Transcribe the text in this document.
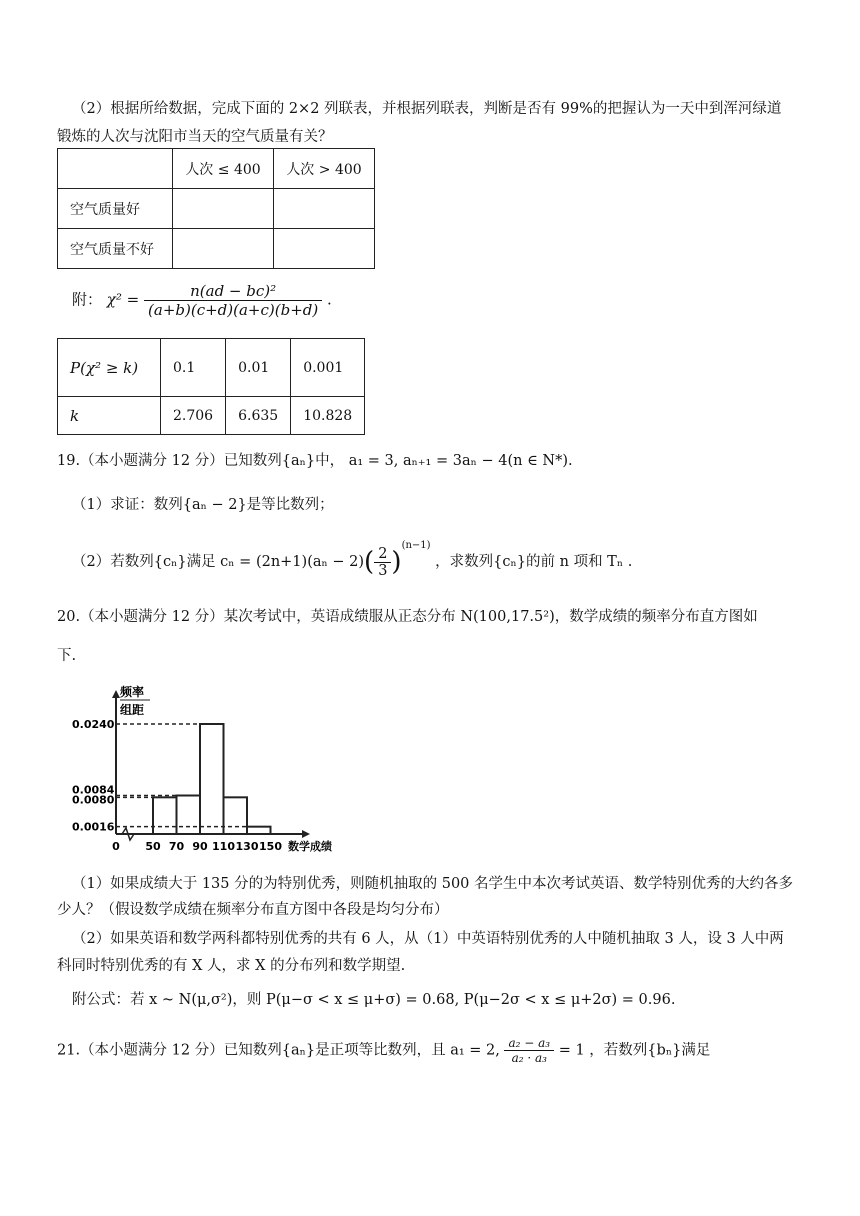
（2）根据所给数据，完成下面的 2×2 列联表，并根据列联表，判断是否有 99%的把握认为一天中到浑河绿道
锻炼的人次与沈阳市当天的空气质量有关？
	人次 ≤ 400	人次 > 400
空气质量好		
空气质量不好		
附： $\chi^2 = \frac{\text{n(ad − bc)²}}{(a+b)(c+d)(a+c)(b+d)}$ .
P(χ² ≥ k)	0.1	0.01	0.001
k	2.706	6.635	10.828
19.（本小题满分 12 分）已知数列{aₙ}中， a₁ = 3, aₙ₊₁ = 3aₙ − 4(n ∈ N*).
（1）求证：数列{aₙ − 2}是等比数列；
（2）若数列{cₙ}满足 $c_n = (2n+1)(a_n - 2)( \frac{2}{3} )^{(n-1)}$ ，求数列{cₙ}的前 n 项和 Tₙ .
20.（本小题满分 12 分）某次考试中，英语成绩服从正态分布 N(100,17.5²)，数学成绩的频率分布直方图如
下.
频率
组距
0.0240
0.0084
0.0080
0.0016
0 50 70 90 110 130 150 数学成绩
（1）如果成绩大于 135 分的为特别优秀，则随机抽取的 500 名学生中本次考试英语、数学特别优秀的大约各多
少人？（假设数学成绩在频率分布直方图中各段是均匀分布）
（2）如果英语和数学两科都特别优秀的共有 6 人，从（1）中英语特别优秀的人中随机抽取 3 人，设 3 人中两
科同时特别优秀的有 X 人，求 X 的分布列和数学期望.
附公式：若 x ~ N(μ,σ²)，则 P(μ−σ < x ≤ μ+σ) = 0.68, P(μ−2σ < x ≤ μ+2σ) = 0.96.
21.（本小题满分 12 分）已知数列{aₙ}是正项等比数列，且 a₁ = 2, $\frac{\text{a₂ − a₃}}{\text{a₂ · a₃}} = 1$ ，若数列{bₙ}满足
